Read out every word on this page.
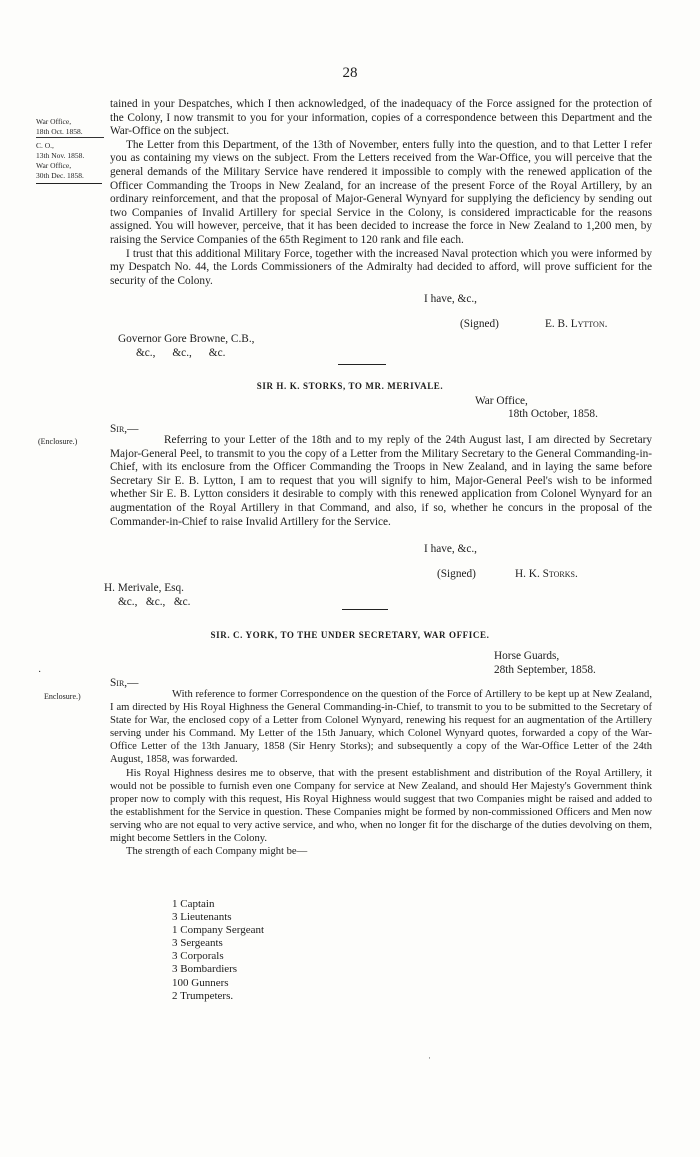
28
War Office,
18th Oct. 1858.
C. O.,
13th Nov. 1858.
War Office,
30th Dec. 1858.

tained in your Despatches, which I then acknowledged, of the inadequacy of the Force assigned for the protection of the Colony, I now transmit to you for your information, copies of a correspondence between this Department and the War-Office on the subject.

The Letter from this Department, of the 13th of November, enters fully into the question, and to that Letter I refer you as containing my views on the subject. From the Letters received from the War-Office, you will perceive that the general demands of the Military Service have rendered it impossible to comply with the renewed application of the Officer Commanding the Troops in New Zealand, for an increase of the present Force of the Royal Artillery, by an ordinary reinforcement, and that the proposal of Major-General Wynyard for supplying the deficiency by sending out two Companies of Invalid Artillery for special Service in the Colony, is considered impracticable for the reasons assigned. You will however, perceive, that it has been decided to increase the force in New Zealand to 1,200 men, by raising the Service Companies of the 65th Regiment to 120 rank and file each.

I trust that this additional Military Force, together with the increased Naval protection which you were informed by my Despatch No. 44, the Lords Commissioners of the Admiralty had decided to afford, will prove sufficient for the security of the Colony.

I have, &c.,
(Signed)	E. B. Lytton.
Governor Gore Browne, C.B.,
&c.,      &c.,      &c.
SIR H. K. STORKS, TO MR. MERIVALE.
War Office,
18th October, 1858.
Sir,—
(Enclosure.)	Referring to your Letter of the 18th and to my reply of the 24th August last, I am directed by Secretary Major-General Peel, to transmit to you the copy of a Letter from the Military Secretary to the General Commanding-in-Chief, with its enclosure from the Officer Commanding the Troops in New Zealand, and in laying the same before Secretary Sir E. B. Lytton, I am to request that you will signify to him, Major-General Peel's wish to be informed whether Sir E. B. Lytton considers it desirable to comply with this renewed application from Colonel Wynyard for an augmentation of the Royal Artillery in that Command, and also, if so, whether he concurs in the proposal of the Commander-in-Chief to raise Invalid Artillery for the Service.

I have, &c.,
(Signed)	H. K. Storks.
H. Merivale, Esq.
&c.,   &c.,   &c.
SIR. C. YORK, TO THE UNDER SECRETARY, WAR OFFICE.
Horse Guards,
28th September, 1858.
·
Sir,—
Enclosure.)	With reference to former Correspondence on the question of the Force of Artillery to be kept up at New Zealand, I am directed by His Royal Highness the General Commanding-in-Chief, to transmit to you to be submitted to the Secretary of State for War, the enclosed copy of a Letter from Colonel Wynyard, renewing his request for an augmentation of the Artillery serving under his Command. My Letter of the 15th January, which Colonel Wynyard quotes, forwarded a copy of the War-Office Letter of the 13th January, 1858 (Sir Henry Storks); and subsequently a copy of the War-Office Letter of the 24th August, 1858, was forwarded.

His Royal Highness desires me to observe, that with the present establishment and distribution of the Royal Artillery, it would not be possible to furnish even one Company for service at New Zealand, and should Her Majesty's Government think proper now to comply with this request, His Royal Highness would suggest that two Companies might be raised and added to the establishment for the Service in question. These Companies might be formed by non-commissioned Officers and Men now serving who are not equal to very active service, and who, when no longer fit for the discharge of the duties devolving on them, might become Settlers in the Colony.

The strength of each Company might be—

1 Captain
3 Lieutenants
1 Company Sergeant
3 Sergeants
3 Corporals
3 Bombardiers
100 Gunners
2 Trumpeters.
·
